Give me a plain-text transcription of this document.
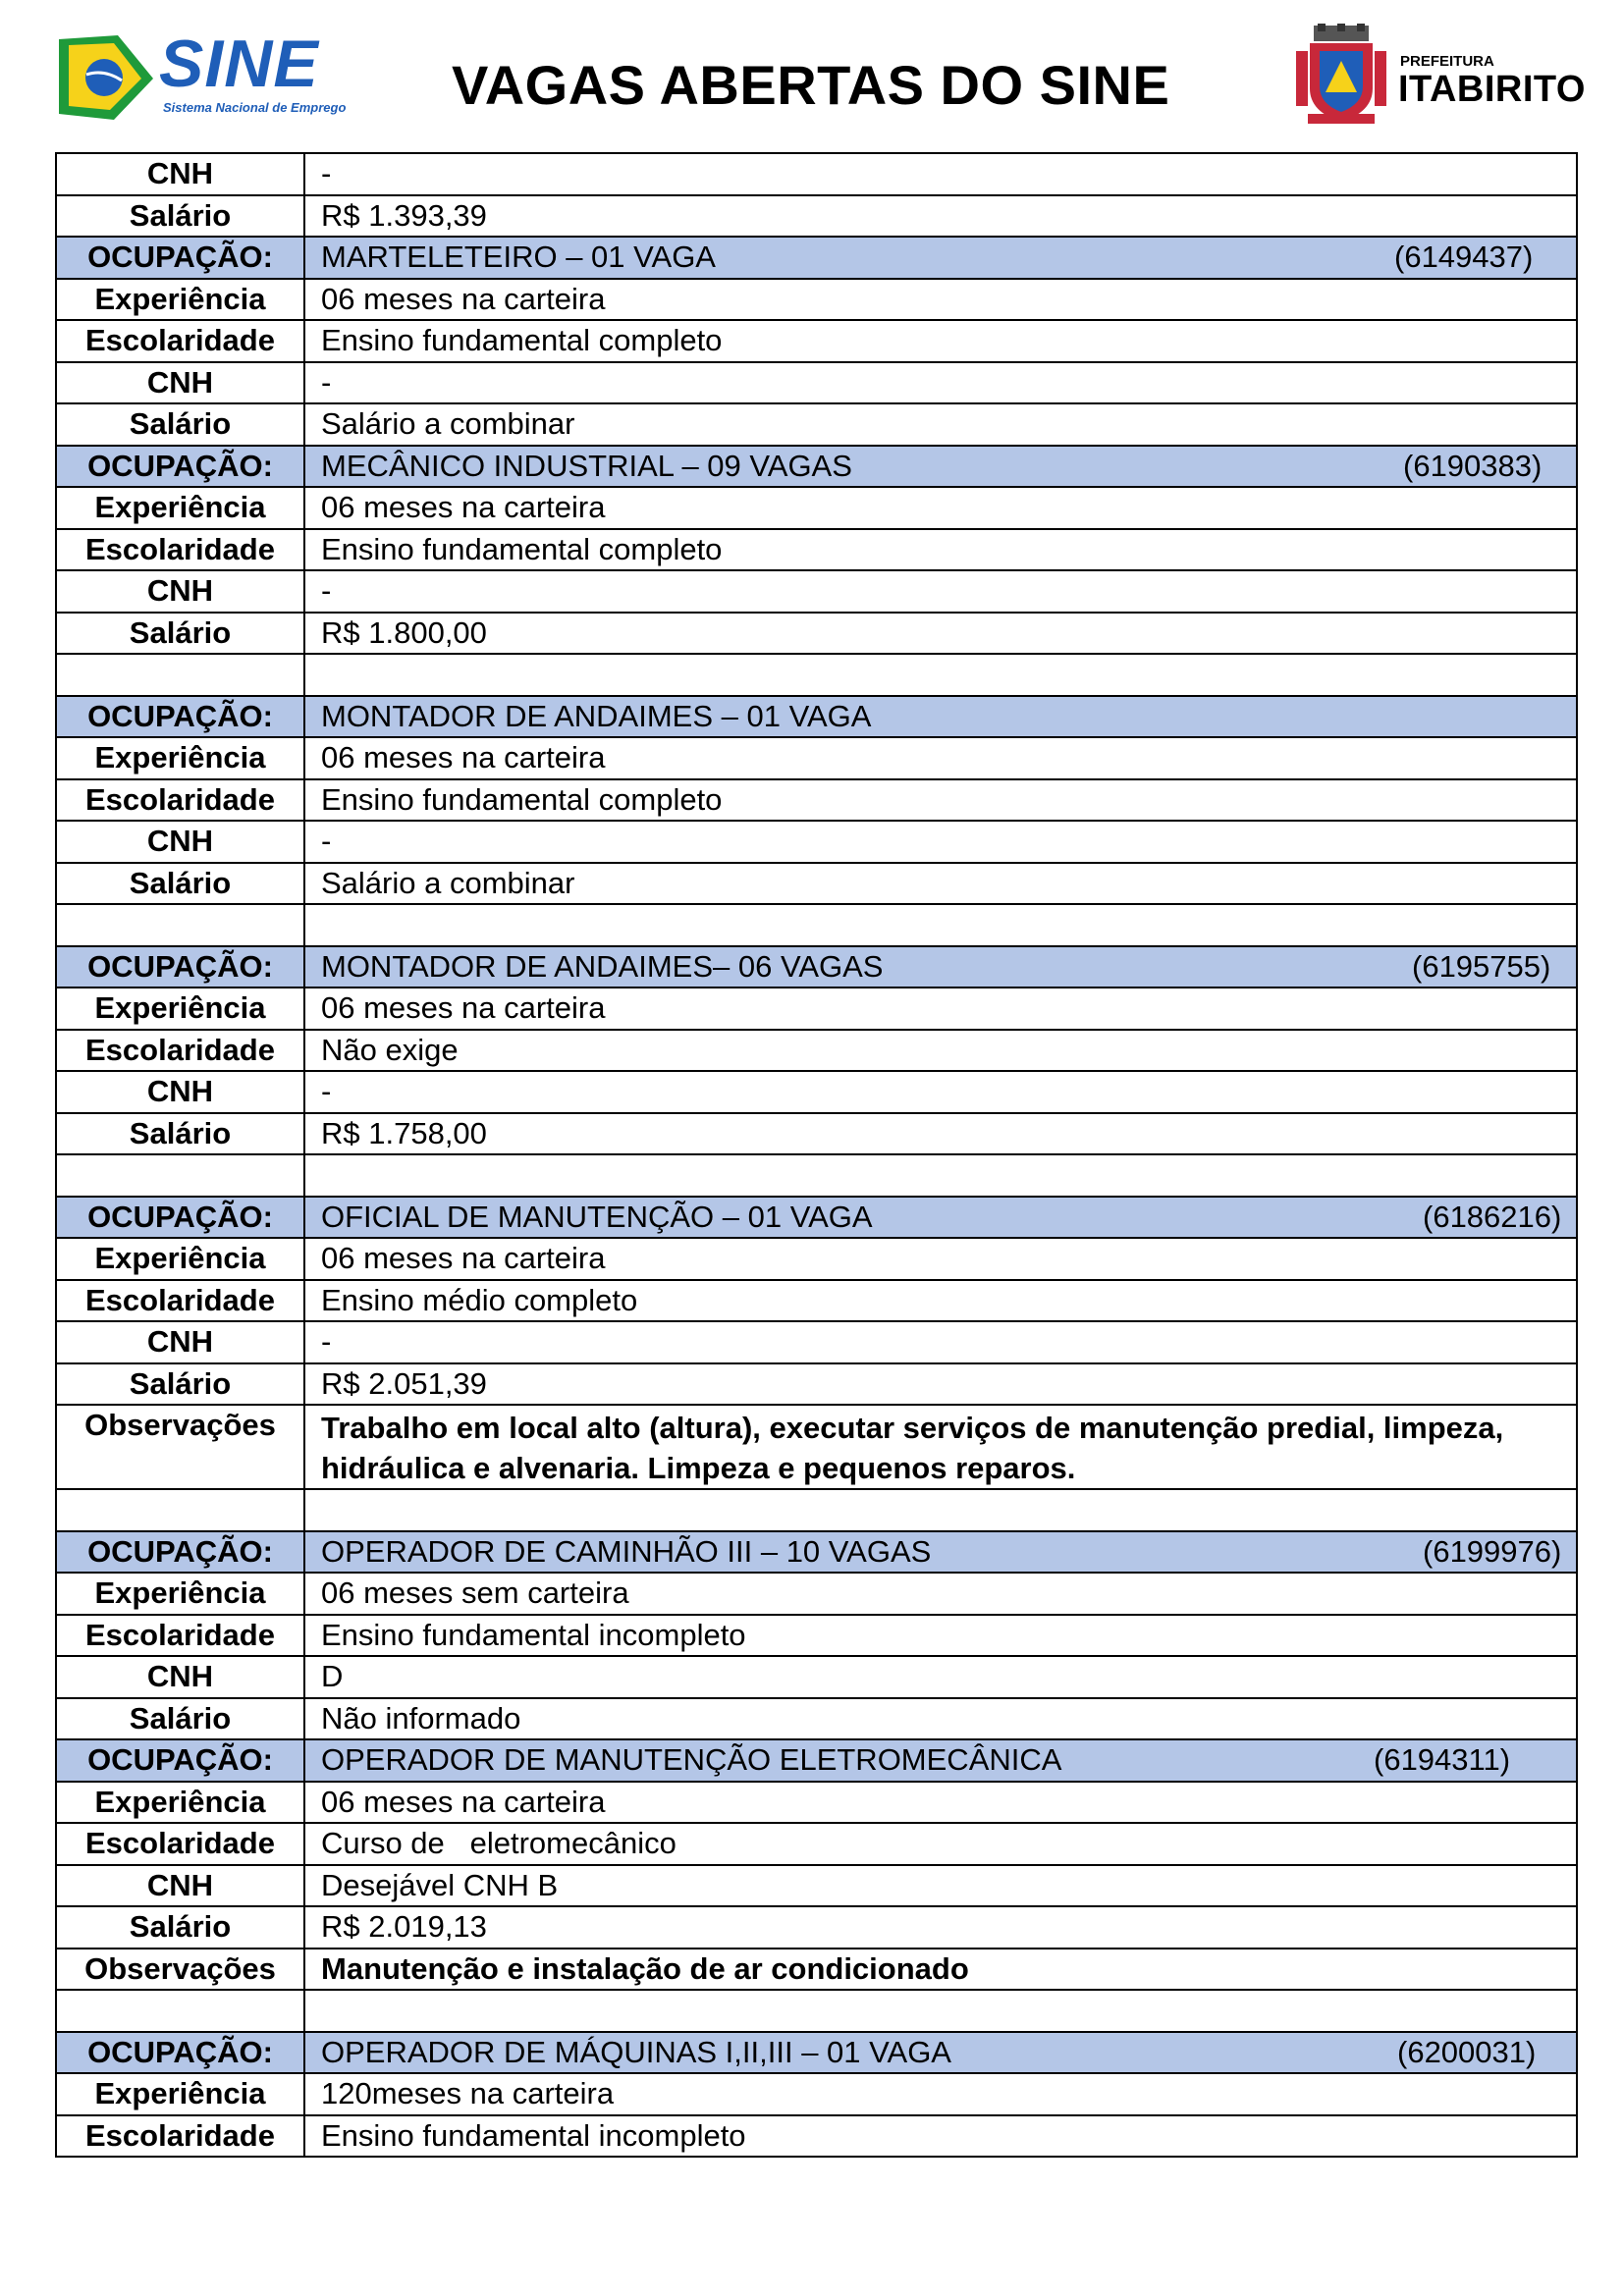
SINE
Sistema Nacional de Emprego VAGAS ABERTAS DO SINE	PREFEITURA
ITABIRITO
CNH	-
Salário	R$ 1.393,39
OCUPAÇÃO:	MARTELETEIRO – 01 VAGA (6149437)

Experiência	06 meses na carteira
Escolaridade	Ensino fundamental completo
CNH	-
Salário	Salário a combinar
OCUPAÇÃO:	MECÂNICO INDUSTRIAL – 09 VAGAS (6190383)

Experiência	06 meses na carteira
Escolaridade	Ensino fundamental completo
CNH	-
Salário	R$ 1.800,00

OCUPAÇÃO:	MONTADOR DE ANDAIMES – 01 VAGA
Experiência	06 meses na carteira
Escolaridade	Ensino fundamental completo
CNH	-
Salário	Salário a combinar

OCUPAÇÃO:	MONTADOR DE ANDAIMES– 06 VAGAS (6195755)

Experiência	06 meses na carteira
Escolaridade	Não exige
CNH	-
Salário	R$ 1.758,00

OCUPAÇÃO:	OFICIAL DE MANUTENÇÃO – 01 VAGA (6186216)

Experiência	06 meses na carteira
Escolaridade	Ensino médio completo
CNH	-
Salário	R$ 2.051,39
Observações	Trabalho em local alto (altura), executar serviços de manutenção predial, limpeza, hidráulica e alvenaria. Limpeza e pequenos reparos.

OCUPAÇÃO:	OPERADOR DE CAMINHÃO III – 10 VAGAS (6199976)

Experiência	06 meses sem carteira
Escolaridade	Ensino fundamental incompleto
CNH	D
Salário	Não informado
OCUPAÇÃO:	OPERADOR DE MANUTENÇÃO ELETROMECÂNICA (6194311)

Experiência	06 meses na carteira
Escolaridade	Curso de   eletromecânico
CNH	Desejável CNH B
Salário	R$ 2.019,13
Observações	Manutenção e instalação de ar condicionado

OCUPAÇÃO:	OPERADOR DE MÁQUINAS I,II,III – 01 VAGA (6200031)

Experiência	120meses na carteira
Escolaridade	Ensino fundamental incompleto
